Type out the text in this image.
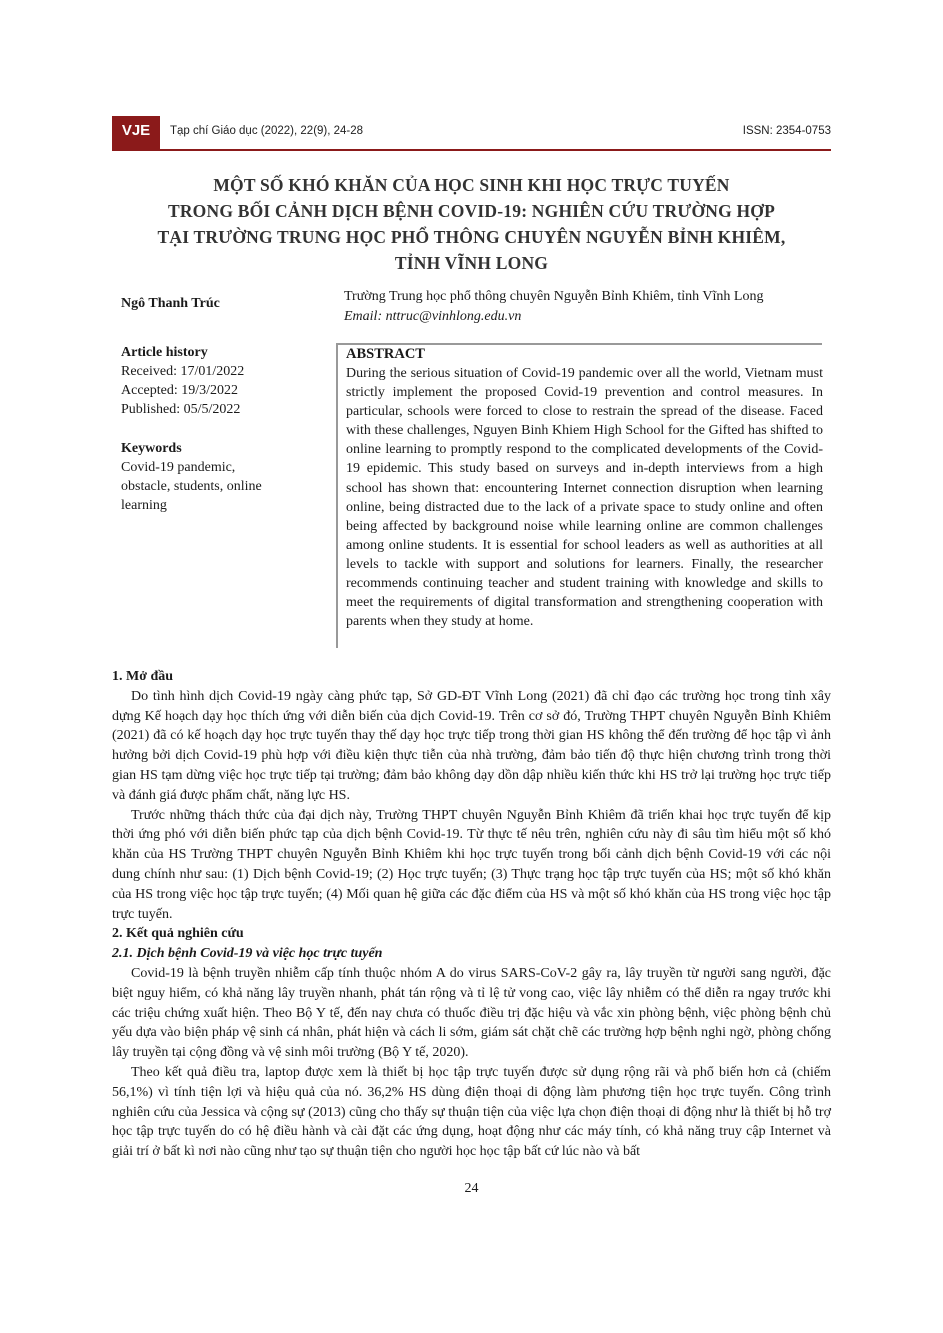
VJE	Tạp chí Giáo dục (2022), 22(9), 24-28	ISSN: 2354-0753
MỘT SỐ KHÓ KHĂN CỦA HỌC SINH KHI HỌC TRỰC TUYẾN
TRONG BỐI CẢNH DỊCH BỆNH COVID-19: NGHIÊN CỨU TRƯỜNG HỢP
TẠI TRƯỜNG TRUNG HỌC PHỔ THÔNG CHUYÊN NGUYỄN BỈNH KHIÊM,
TỈNH VĨNH LONG
Ngô Thanh Trúc	Trường Trung học phổ thông chuyên Nguyễn Bỉnh Khiêm, tỉnh Vĩnh Long
Email: nttruc@vinhlong.edu.vn
Article history
Received: 17/01/2022
Accepted: 19/3/2022
Published: 05/5/2022
Keywords
Covid-19 pandemic, obstacle, students, online learning
ABSTRACT
During the serious situation of Covid-19 pandemic over all the world, Vietnam must strictly implement the proposed Covid-19 prevention and control measures. In particular, schools were forced to close to restrain the spread of the disease. Faced with these challenges, Nguyen Binh Khiem High School for the Gifted has shifted to online learning to promptly respond to the complicated developments of the Covid-19 epidemic. This study based on surveys and in-depth interviews from a high school has shown that: encountering Internet connection disruption when learning online, being distracted due to the lack of a private space to study online and often being affected by background noise while learning online are common challenges among online students. It is essential for school leaders as well as authorities at all levels to tackle with support and solutions for learners. Finally, the researcher recommends continuing teacher and student training with knowledge and skills to meet the requirements of digital transformation and strengthening cooperation with parents when they study at home.

1. Mở đầu

Do tình hình dịch Covid-19 ngày càng phức tạp, Sở GD-ĐT Vĩnh Long (2021) đã chỉ đạo các trường học trong tỉnh xây dựng Kế hoạch dạy học thích ứng với diễn biến của dịch Covid-19. Trên cơ sở đó, Trường THPT chuyên Nguyễn Bỉnh Khiêm (2021) đã có kế hoạch dạy học trực tuyến thay thế dạy học trực tiếp trong thời gian HS không thể đến trường để học tập vì ảnh hưởng bởi dịch Covid-19 phù hợp với điều kiện thực tiễn của nhà trường, đảm bảo tiến độ thực hiện chương trình trong thời gian HS tạm dừng việc học trực tiếp tại trường; đảm bảo không dạy dồn dập nhiều kiến thức khi HS trở lại trường học trực tiếp và đánh giá được phẩm chất, năng lực HS.

Trước những thách thức của đại dịch này, Trường THPT chuyên Nguyễn Bỉnh Khiêm đã triển khai học trực tuyến để kịp thời ứng phó với diễn biến phức tạp của dịch bệnh Covid-19. Từ thực tế nêu trên, nghiên cứu này đi sâu tìm hiểu một số khó khăn của HS Trường THPT chuyên Nguyễn Bỉnh Khiêm khi học trực tuyến trong bối cảnh dịch bệnh Covid-19 với các nội dung chính như sau: (1) Dịch bệnh Covid-19; (2) Học trực tuyến; (3) Thực trạng học tập trực tuyến của HS; một số khó khăn của HS trong việc học tập trực tuyến; (4) Mối quan hệ giữa các đặc điểm của HS và một số khó khăn của HS trong việc học tập trực tuyến.

2. Kết quả nghiên cứu

2.1. Dịch bệnh Covid-19 và việc học trực tuyến

Covid-19 là bệnh truyền nhiễm cấp tính thuộc nhóm A do virus SARS-CoV-2 gây ra, lây truyền từ người sang người, đặc biệt nguy hiểm, có khả năng lây truyền nhanh, phát tán rộng và tỉ lệ tử vong cao, việc lây nhiễm có thể diễn ra ngay trước khi các triệu chứng xuất hiện. Theo Bộ Y tế, đến nay chưa có thuốc điều trị đặc hiệu và vắc xin phòng bệnh, việc phòng bệnh chủ yếu dựa vào biện pháp vệ sinh cá nhân, phát hiện và cách li sớm, giám sát chặt chẽ các trường hợp bệnh nghi ngờ, phòng chống lây truyền tại cộng đồng và vệ sinh môi trường (Bộ Y tế, 2020).

Theo kết quả điều tra, laptop được xem là thiết bị học tập trực tuyến được sử dụng rộng rãi và phổ biến hơn cả (chiếm 56,1%) vì tính tiện lợi và hiệu quả của nó. 36,2% HS dùng điện thoại di động làm phương tiện học trực tuyến. Công trình nghiên cứu của Jessica và cộng sự (2013) cũng cho thấy sự thuận tiện của việc lựa chọn điện thoại di động như là thiết bị hỗ trợ học tập trực tuyến do có hệ điều hành và cài đặt các ứng dụng, hoạt động như các máy tính, có khả năng truy cập Internet và giải trí ở bất kì nơi nào cũng như tạo sự thuận tiện cho người học học tập bất cứ lúc nào và bất

24
